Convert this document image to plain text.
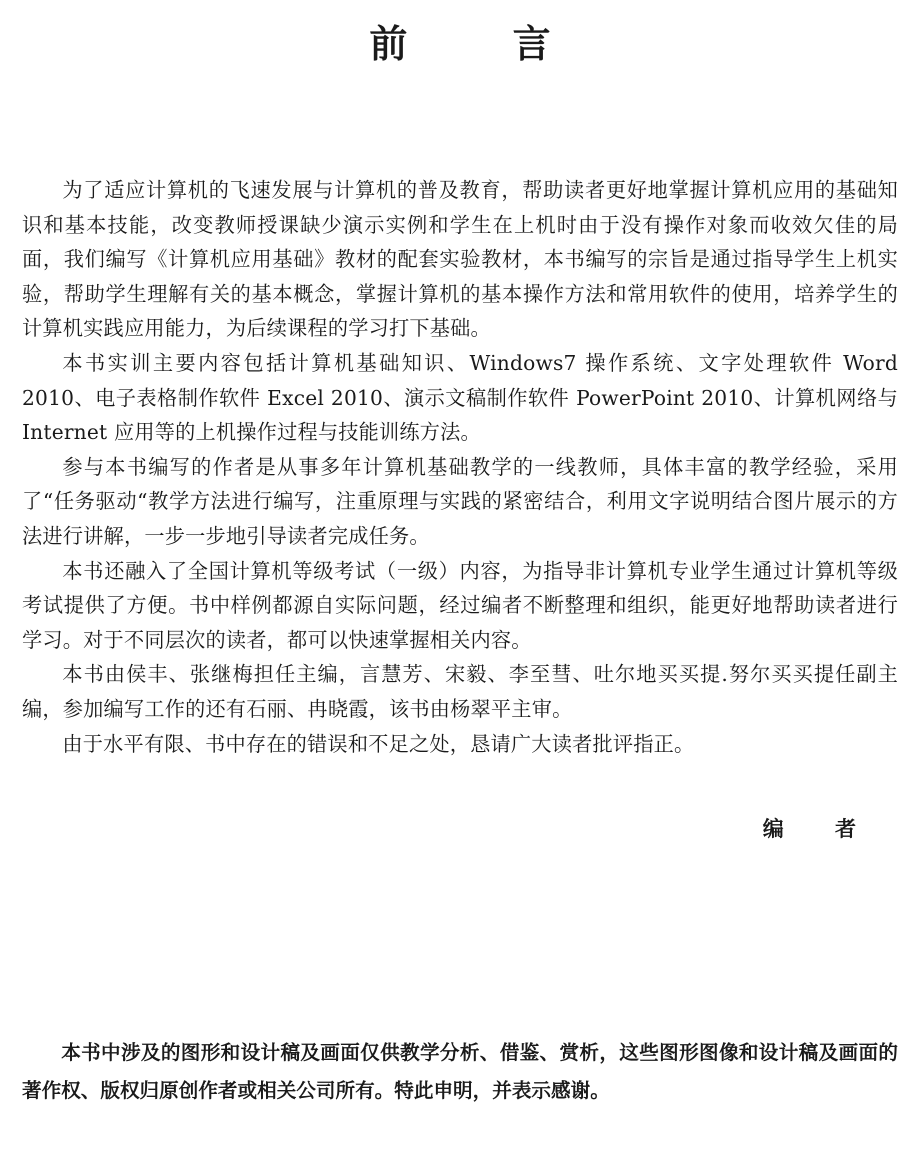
前 言

为了适应计算机的飞速发展与计算机的普及教育，帮助读者更好地掌握计算机应用的基础知识和基本技能，改变教师授课缺少演示实例和学生在上机时由于没有操作对象而收效欠佳的局面，我们编写《计算机应用基础》教材的配套实验教材，本书编写的宗旨是通过指导学生上机实验，帮助学生理解有关的基本概念，掌握计算机的基本操作方法和常用软件的使用，培养学生的计算机实践应用能力，为后续课程的学习打下基础。

本书实训主要内容包括计算机基础知识、Windows7 操作系统、文字处理软件 Word 2010、电子表格制作软件 Excel 2010、演示文稿制作软件 PowerPoint 2010、计算机网络与 Internet 应用等的上机操作过程与技能训练方法。

参与本书编写的作者是从事多年计算机基础教学的一线教师，具体丰富的教学经验，采用了“任务驱动“教学方法进行编写，注重原理与实践的紧密结合，利用文字说明结合图片展示的方法进行讲解，一步一步地引导读者完成任务。

本书还融入了全国计算机等级考试（一级）内容，为指导非计算机专业学生通过计算机等级考试提供了方便。书中样例都源自实际问题，经过编者不断整理和组织，能更好地帮助读者进行学习。对于不同层次的读者，都可以快速掌握相关内容。

本书由侯丰、张继梅担任主编，言慧芳、宋毅、李至彗、吐尔地买买提.努尔买买提任副主编，参加编写工作的还有石丽、冉晓霞，该书由杨翠平主审。

由于水平有限、书中存在的错误和不足之处，恳请广大读者批评指正。

编 者

本书中涉及的图形和设计稿及画面仅供教学分析、借鉴、赏析，这些图形图像和设计稿及画面的著作权、版权归原创作者或相关公司所有。特此申明，并表示感谢。
